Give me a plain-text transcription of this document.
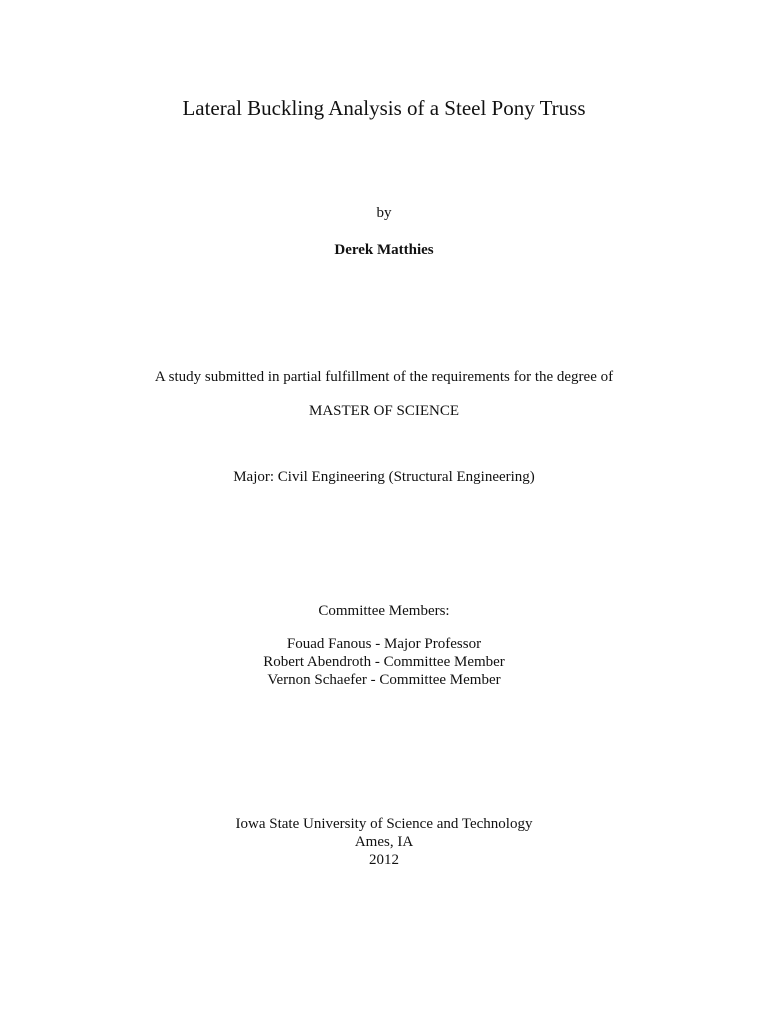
Lateral Buckling Analysis of a Steel Pony Truss
by
Derek Matthies
A study submitted in partial fulfillment of the requirements for the degree of
MASTER OF SCIENCE
Major: Civil Engineering (Structural Engineering)
Committee Members:
Fouad Fanous - Major Professor
Robert Abendroth - Committee Member
Vernon Schaefer - Committee Member
Iowa State University of Science and Technology
Ames, IA
2012
